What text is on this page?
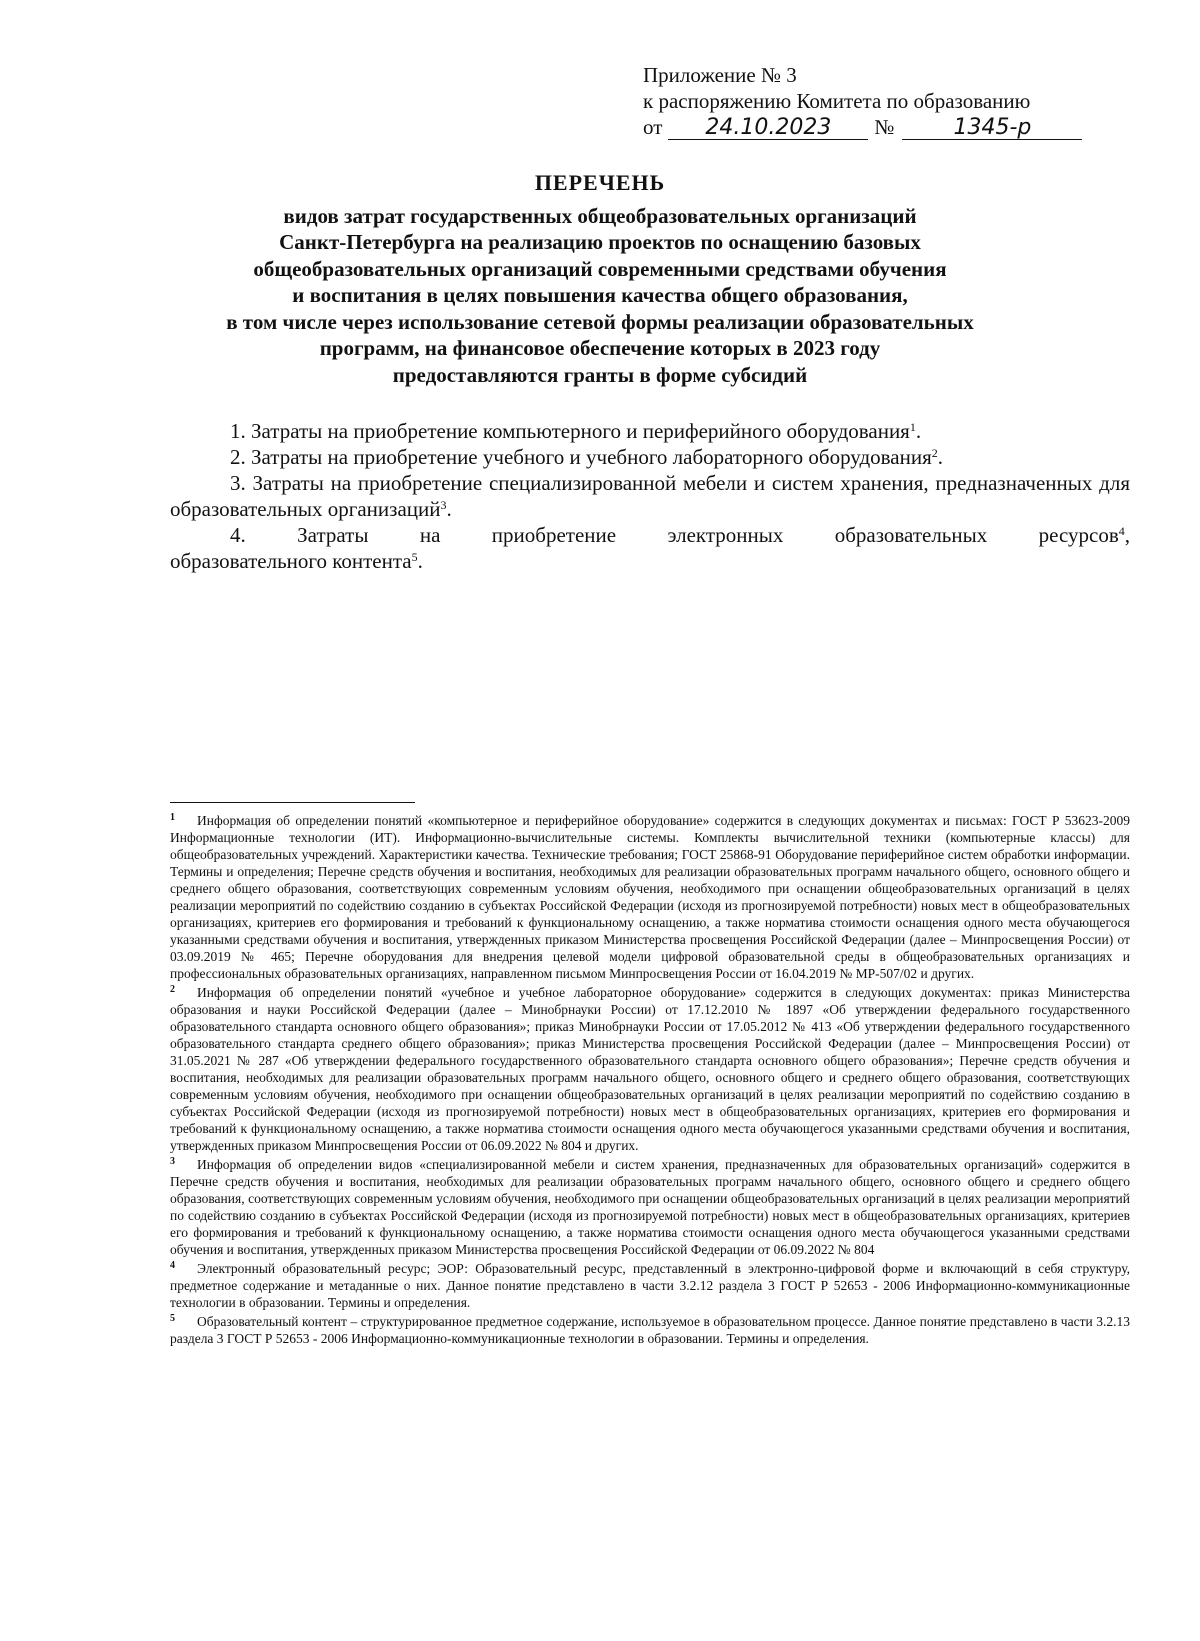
Приложение № 3
к распоряжению Комитета по образованию
от 24.10.2023 №	1345-р
ПЕРЕЧЕНЬ
видов затрат государственных общеобразовательных организаций
Санкт-Петербурга на реализацию проектов по оснащению базовых
общеобразовательных организаций современными средствами обучения
и воспитания в целях повышения качества общего образования,
в том числе через использование сетевой формы реализации образовательных
программ, на финансовое обеспечение которых в 2023 году
предоставляются гранты в форме субсидий

1. Затраты на приобретение компьютерного и периферийного оборудования$^1$.

2. Затраты на приобретение учебного и учебного лабораторного оборудования$^2$.

3. Затраты на приобретение специализированной мебели и систем хранения, предназначенных для образовательных организаций$^3$.

4. Затраты на приобретение электронных образовательных ресурсов$^4$,
образовательного контента$^5$.

$^1$ Информация об определении понятий «компьютерное и периферийное оборудование» содержится в следующих документах и письмах: ГОСТ Р 53623-2009 Информационные технологии (ИТ). Информационно-вычислительные системы. Комплекты вычислительной техники (компьютерные классы) для общеобразовательных учреждений. Характеристики качества. Технические требования; ГОСТ 25868-91 Оборудование периферийное систем обработки информации. Термины и определения; Перечне средств обучения и воспитания, необходимых для реализации образовательных программ начального общего, основного общего и среднего общего образования, соответствующих современным условиям обучения, необходимого при оснащении общеобразовательных организаций в целях реализации мероприятий по содействию созданию в субъектах Российской Федерации (исходя из прогнозируемой потребности) новых мест в общеобразовательных организациях, критериев его формирования и требований к функциональному оснащению, а также норматива стоимости оснащения одного места обучающегося указанными средствами обучения и воспитания, утвержденных приказом Министерства просвещения Российской Федерации (далее – Минпросвещения России) от 03.09.2019 № 465; Перечне оборудования для внедрения целевой модели цифровой образовательной среды в общеобразовательных организациях и профессиональных образовательных организациях, направленном письмом Минпросвещения России от 16.04.2019 № МР-507/02 и других.

$^2$ Информация об определении понятий «учебное и учебное лабораторное оборудование» содержится в следующих документах: приказ Министерства образования и науки Российской Федерации (далее – Минобрнауки России) от 17.12.2010 № 1897 «Об утверждении федерального государственного образовательного стандарта основного общего образования»; приказ Минобрнауки России от 17.05.2012 № 413 «Об утверждении федерального государственного образовательного стандарта среднего общего образования»; приказ Министерства просвещения Российской Федерации (далее – Минпросвещения России) от 31.05.2021 № 287 «Об утверждении федерального государственного образовательного стандарта основного общего образования»; Перечне средств обучения и воспитания, необходимых для реализации образовательных программ начального общего, основного общего и среднего общего образования, соответствующих современным условиям обучения, необходимого при оснащении общеобразовательных организаций в целях реализации мероприятий по содействию созданию в субъектах Российской Федерации (исходя из прогнозируемой потребности) новых мест в общеобразовательных организациях, критериев его формирования и требований к функциональному оснащению, а также норматива стоимости оснащения одного места обучающегося указанными средствами обучения и воспитания, утвержденных приказом Минпросвещения России от 06.09.2022 № 804 и других.

$^3$ Информация об определении видов «специализированной мебели и систем хранения, предназначенных для образовательных организаций» содержится в Перечне средств обучения и воспитания, необходимых для реализации образовательных программ начального общего, основного общего и среднего общего образования, соответствующих современным условиям обучения, необходимого при оснащении общеобразовательных организаций в целях реализации мероприятий по содействию созданию в субъектах Российской Федерации (исходя из прогнозируемой потребности) новых мест в общеобразовательных организациях, критериев его формирования и требований к функциональному оснащению, а также норматива стоимости оснащения одного места обучающегося указанными средствами обучения и воспитания, утвержденных приказом Министерства просвещения Российской Федерации от 06.09.2022 № 804

$^4$ Электронный образовательный ресурс; ЭОР: Образовательный ресурс, представленный в электронно-цифровой форме и включающий в себя структуру, предметное содержание и метаданные о них. Данное понятие представлено в части 3.2.12 раздела 3 ГОСТ Р 52653 - 2006 Информационно-коммуникационные технологии в образовании. Термины и определения.

$^5$ Образовательный контент – структурированное предметное содержание, используемое в образовательном процессе. Данное понятие представлено в части 3.2.13 раздела 3 ГОСТ Р 52653 - 2006 Информационно-коммуникационные технологии в образовании. Термины и определения.
